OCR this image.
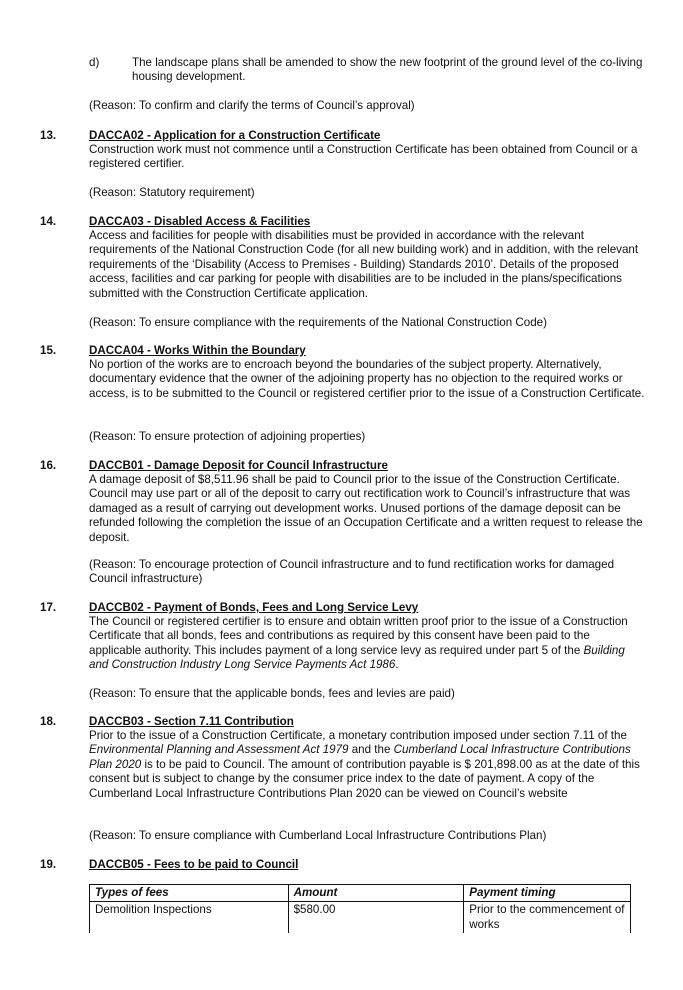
d)	The landscape plans shall be amended to show the new footprint of the ground level of the co-living housing development.
(Reason: To confirm and clarify the terms of Council’s approval)
13.	DACCA02 - Application for a Construction Certificate
Construction work must not commence until a Construction Certificate has been obtained from Council or a registered certifier.
(Reason: Statutory requirement)
14.	DACCA03 - Disabled Access & Facilities
Access and facilities for people with disabilities must be provided in accordance with the relevant requirements of the National Construction Code (for all new building work) and in addition, with the relevant requirements of the ‘Disability (Access to Premises - Building) Standards 2010’. Details of the proposed access, facilities and car parking for people with disabilities are to be included in the plans/specifications submitted with the Construction Certificate application.
(Reason: To ensure compliance with the requirements of the National Construction Code)
15.	DACCA04 - Works Within the Boundary
No portion of the works are to encroach beyond the boundaries of the subject property. Alternatively, documentary evidence that the owner of the adjoining property has no objection to the required works or access, is to be submitted to the Council or registered certifier prior to the issue of a Construction Certificate.
(Reason: To ensure protection of adjoining properties)
16.	DACCB01 - Damage Deposit for Council Infrastructure
A damage deposit of $8,511.96 shall be paid to Council prior to the issue of the Construction Certificate. Council may use part or all of the deposit to carry out rectification work to Council’s infrastructure that was damaged as a result of carrying out development works. Unused portions of the damage deposit can be refunded following the completion the issue of an Occupation Certificate and a written request to release the deposit.
(Reason: To encourage protection of Council infrastructure and to fund rectification works for damaged Council infrastructure)
17.	DACCB02 - Payment of Bonds, Fees and Long Service Levy
The Council or registered certifier is to ensure and obtain written proof prior to the issue of a Construction Certificate that all bonds, fees and contributions as required by this consent have been paid to the applicable authority. This includes payment of a long service levy as required under part 5 of the Building and Construction Industry Long Service Payments Act 1986.
(Reason: To ensure that the applicable bonds, fees and levies are paid)
18.	DACCB03 - Section 7.11 Contribution
Prior to the issue of a Construction Certificate, a monetary contribution imposed under section 7.11 of the Environmental Planning and Assessment Act 1979 and the Cumberland Local Infrastructure Contributions Plan 2020 is to be paid to Council. The amount of contribution payable is $ 201,898.00 as at the date of this consent but is subject to change by the consumer price index to the date of payment. A copy of the Cumberland Local Infrastructure Contributions Plan 2020 can be viewed on Council’s website
(Reason: To ensure compliance with Cumberland Local Infrastructure Contributions Plan)
19.	DACCB05 - Fees to be paid to Council
Types of fees	Amount	Payment timing
Demolition Inspections	$580.00	Prior to the commencement of works
